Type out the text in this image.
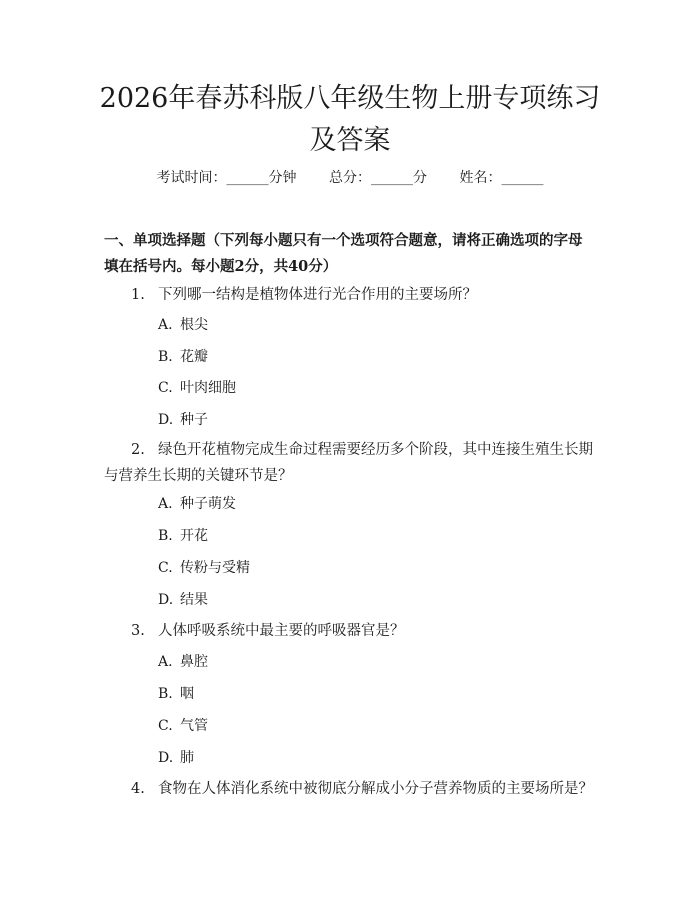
2026年春苏科版八年级生物上册专项练习及答案
考试时间：______分钟 总分：______分 姓名：______
一、单项选择题（下列每小题只有一个选项符合题意，请将正确选项的字母填在括号内。每小题2分，共40分）
1. 下列哪一结构是植物体进行光合作用的主要场所？
A. 根尖
B. 花瓣
C. 叶肉细胞
D. 种子
2. 绿色开花植物完成生命过程需要经历多个阶段，其中连接生殖生长期与营养生长期的关键环节是？
A. 种子萌发
B. 开花
C. 传粉与受精
D. 结果
3. 人体呼吸系统中最主要的呼吸器官是？
A. 鼻腔
B. 咽
C. 气管
D. 肺
4. 食物在人体消化系统中被彻底分解成小分子营养物质的主要场所是？
